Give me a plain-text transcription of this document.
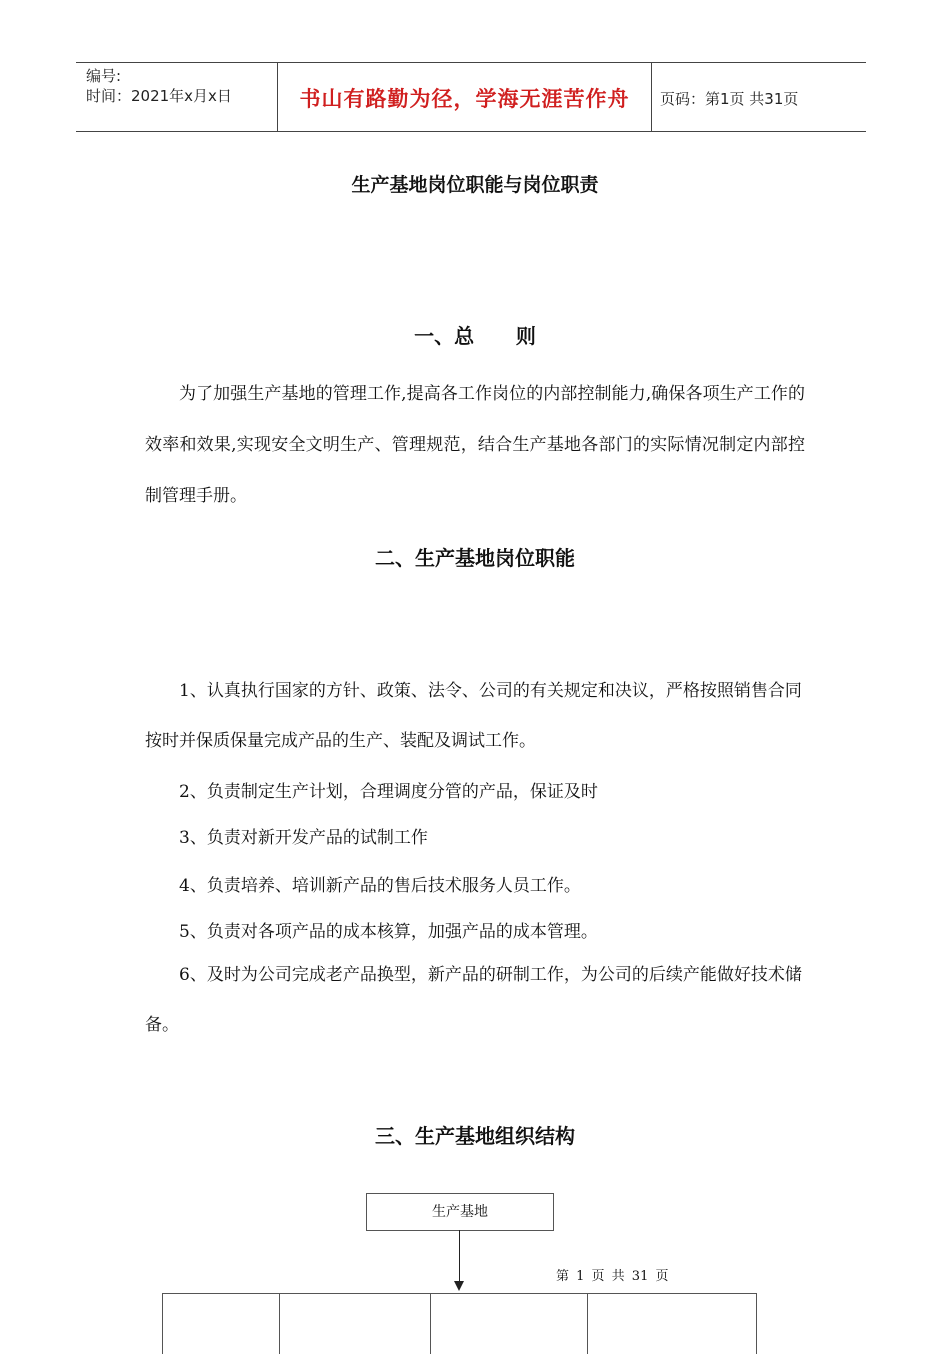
编号:
时间：2021年x月x日	书山有路勤为径，学海无涯苦作舟	页码：第1页 共31页
生产基地岗位职能与岗位职责
一、总      则

为了加强生产基地的管理工作,提高各工作岗位的内部控制能力,确保各项生产工作的效率和效果,实现安全文明生产、管理规范，结合生产基地各部门的实际情况制定内部控制管理手册。

二、生产基地岗位职能

1、认真执行国家的方针、政策、法令、公司的有关规定和决议，严格按照销售合同按时并保质保量完成产品的生产、装配及调试工作。

2、负责制定生产计划，合理调度分管的产品，保证及时

3、负责对新开发产品的试制工作

4、负责培养、培训新产品的售后技术服务人员工作。

5、负责对各项产品的成本核算，加强产品的成本管理。

6、及时为公司完成老产品换型，新产品的研制工作，为公司的后续产能做好技术储备。

三、生产基地组织结构
生产基地
第 1 页 共 31 页
